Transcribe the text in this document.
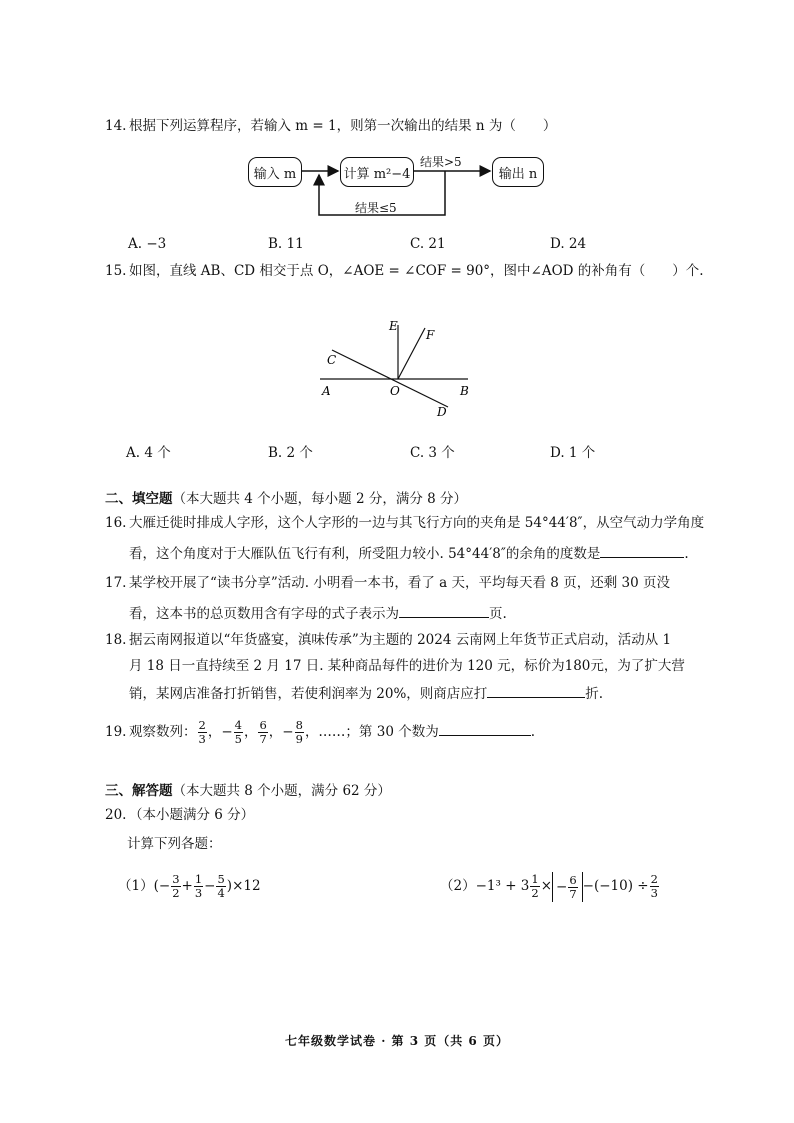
14. 根据下列运算程序，若输入 m = 1，则第一次输出的结果 n 为（　　）
输入 m	计算 m²−4	输出 n
结果>5
结果≤5
A. −3	B. 11	C. 21	D. 24
15. 如图，直线 AB、CD 相交于点 O，∠AOE = ∠COF = 90°，图中∠AOD 的补角有（　　）个.
E
F
C
A	O	B
D
A. 4 个	B. 2 个	C. 3 个	D. 1 个
二、填空题（本大题共 4 个小题，每小题 2 分，满分 8 分）
16. 大雁迁徙时排成人字形，这个人字形的一边与其飞行方向的夹角是 54°44′8″，从空气动力学角度
看，这个角度对于大雁队伍飞行有利，所受阻力较小. 54°44′8″的余角的度数是	.
17. 某学校开展了“读书分享”活动. 小明看一本书，看了 a 天，平均每天看 8 页，还剩 30 页没
看，这本书的总页数用含有字母的式子表示为	页.
18. 据云南网报道以“年货盛宴，滇味传承”为主题的 2024 云南网上年货节正式启动，活动从 1
月 18 日一直持续至 2 月 17 日. 某种商品每件的进价为 120 元，标价为180元，为了扩大营
销，某网店准备打折销售，若使利润率为 20%，则商店应打	折.
19. 观察数列： $\frac{2}{3}$ ，− $\frac{4}{5}$ ， $\frac{6}{7}$ ，− $\frac{8}{9}$ ，……；第 30 个数为	.
三、解答题（本大题共 8 个小题，满分 62 分）
20. （本小题满分 6 分）
计算下列各题：
$(1)(- \frac{3}{2} + \frac{1}{3} - \frac{5}{4} )\times 12$	$(2)-1^3 + 3 \frac{1}{2}$ × − $\frac{6}{7} -(-10) \div \frac{2}{3}$
七年级数学试卷 · 第 3 页（共 6 页）
